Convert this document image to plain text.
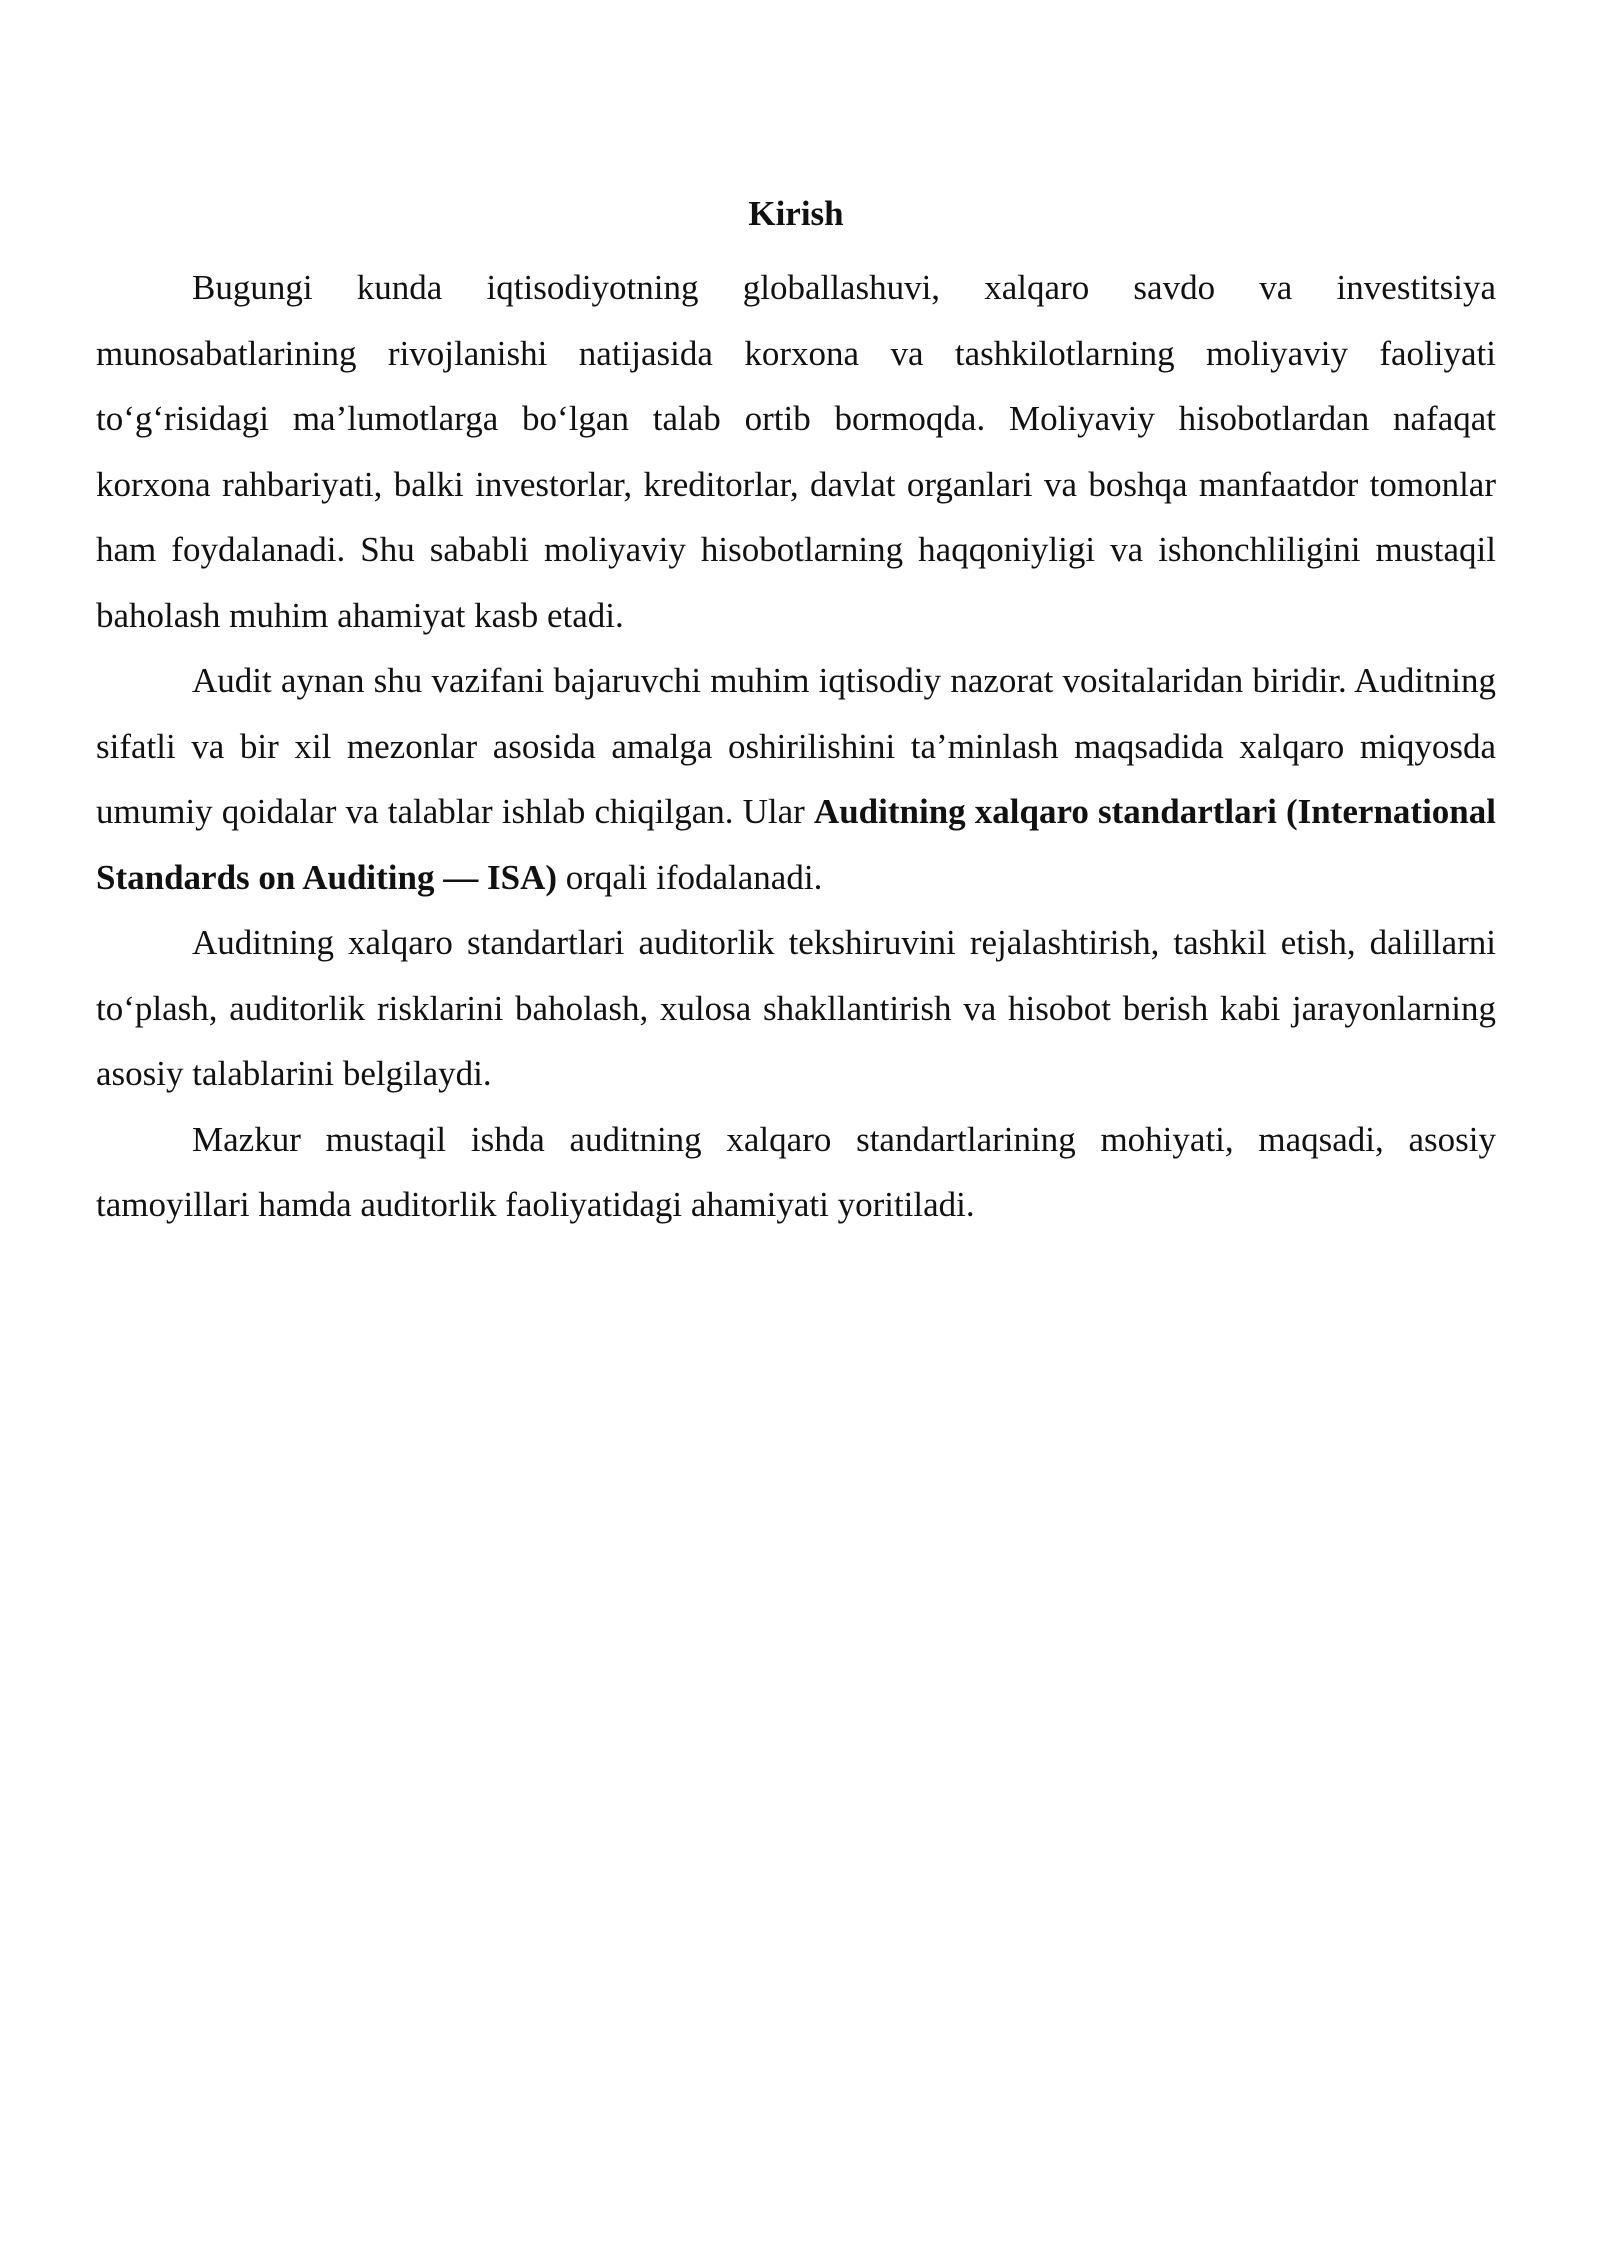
Kirish

Bugungi kunda iqtisodiyotning globallashuvi, xalqaro savdo va investitsiya munosabatlarining rivojlanishi natijasida korxona va tashkilotlarning moliyaviy faoliyati to‘g‘risidagi ma’lumotlarga bo‘lgan talab ortib bormoqda. Moliyaviy hisobotlardan nafaqat korxona rahbariyati, balki investorlar, kreditorlar, davlat organlari va boshqa manfaatdor tomonlar ham foydalanadi. Shu sababli moliyaviy hisobotlarning haqqoniyligi va ishonchliligini mustaqil baholash muhim ahamiyat kasb etadi.

Audit aynan shu vazifani bajaruvchi muhim iqtisodiy nazorat vositalaridan biridir. Auditning sifatli va bir xil mezonlar asosida amalga oshirilishini ta’minlash maqsadida xalqaro miqyosda umumiy qoidalar va talablar ishlab chiqilgan. Ular Auditning xalqaro standartlari (International Standards on Auditing — ISA) orqali ifodalanadi.

Auditning xalqaro standartlari auditorlik tekshiruvini rejalashtirish, tashkil etish, dalillarni to‘plash, auditorlik risklarini baholash, xulosa shakllantirish va hisobot berish kabi jarayonlarning asosiy talablarini belgilaydi.

Mazkur mustaqil ishda auditning xalqaro standartlarining mohiyati, maqsadi, asosiy tamoyillari hamda auditorlik faoliyatidagi ahamiyati yoritiladi.
